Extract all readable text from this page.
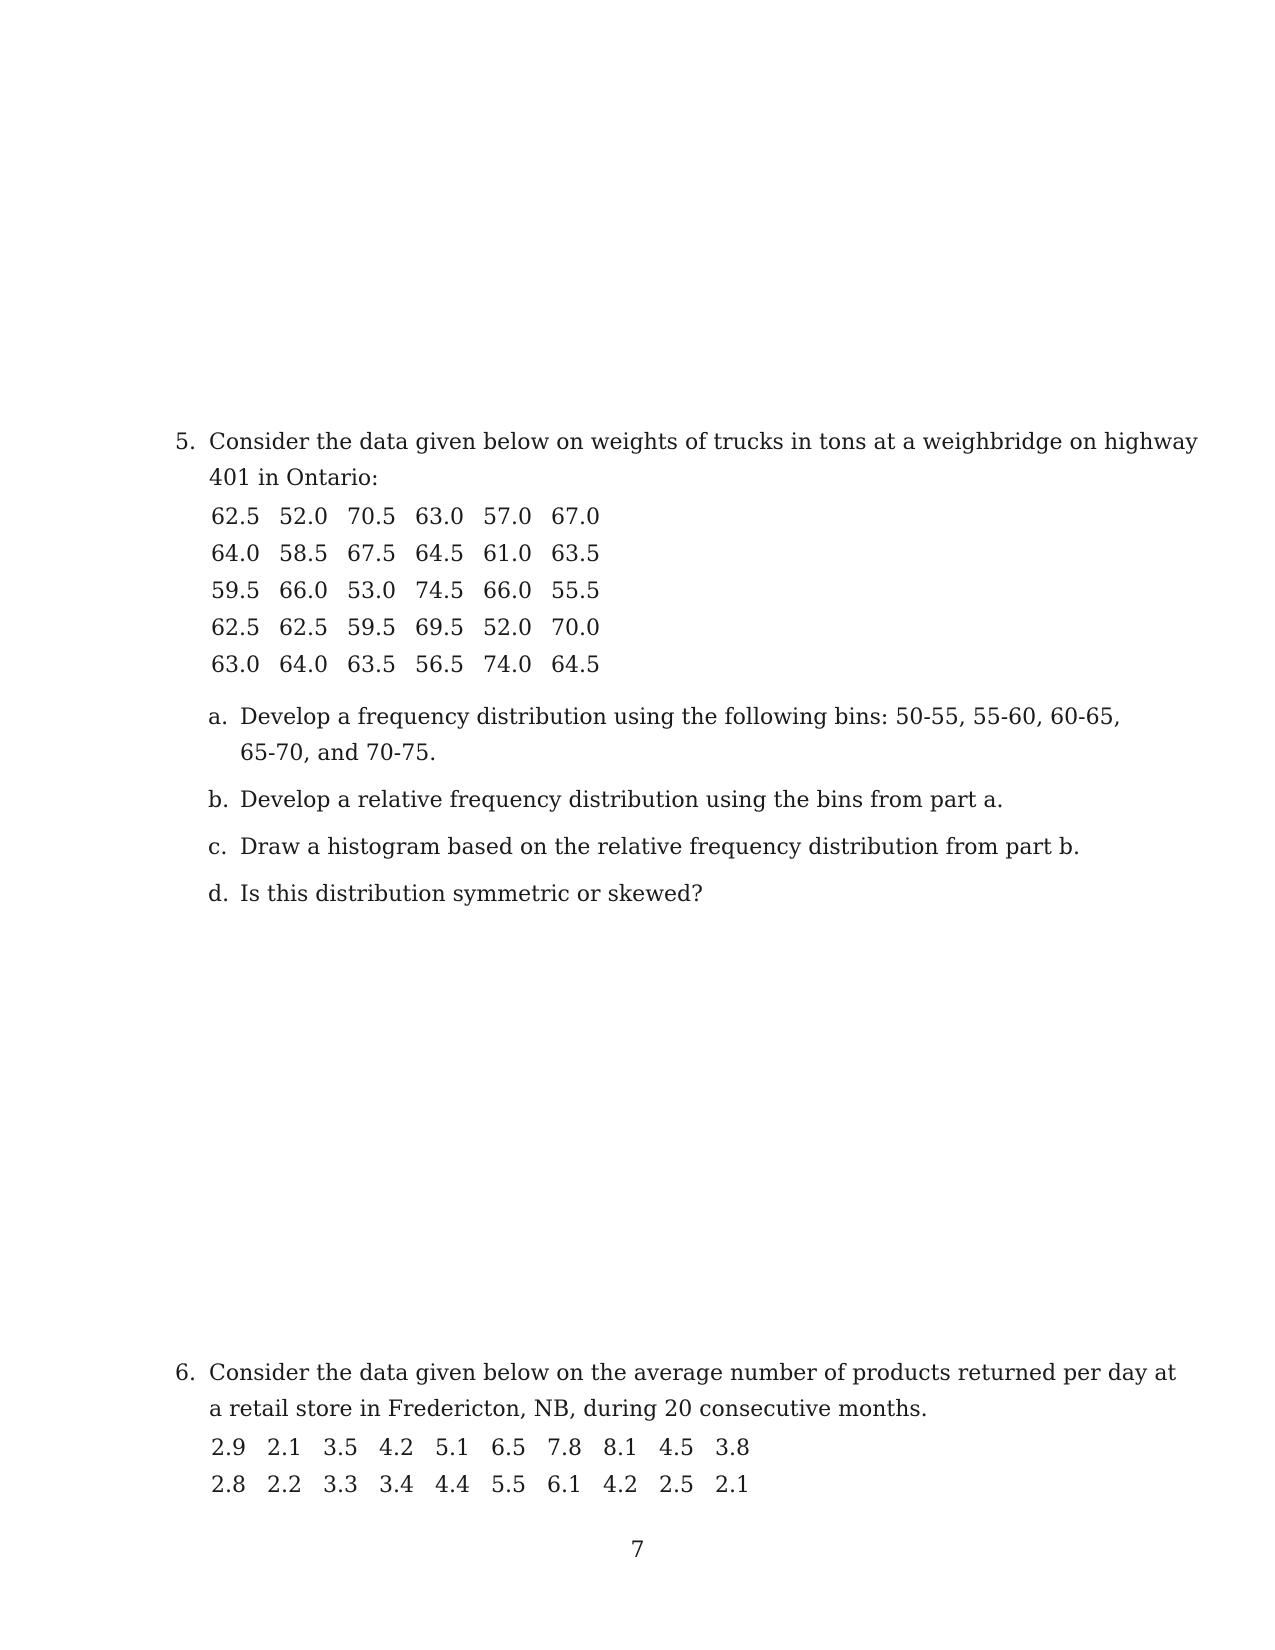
5. Consider the data given below on weights of trucks in tons at a weighbridge on highway
401 in Ontario:
62.5	52.0	70.5	63.0	57.0	67.0
64.0	58.5	67.5	64.5	61.0	63.5
59.5	66.0	53.0	74.5	66.0	55.5
62.5	62.5	59.5	69.5	52.0	70.0
63.0	64.0	63.5	56.5	74.0	64.5
a. Develop a frequency distribution using the following bins: 50-55, 55-60, 60-65, 65-70, and 70-75.
b. Develop a relative frequency distribution using the bins from part a.
c. Draw a histogram based on the relative frequency distribution from part b.
d. Is this distribution symmetric or skewed?
6. Consider the data given below on the average number of products returned per day at
a retail store in Fredericton, NB, during 20 consecutive months.
2.9	2.1	3.5	4.2	5.1	6.5	7.8	8.1	4.5	3.8
2.8	2.2	3.3	3.4	4.4	5.5	6.1	4.2	2.5	2.1
7
